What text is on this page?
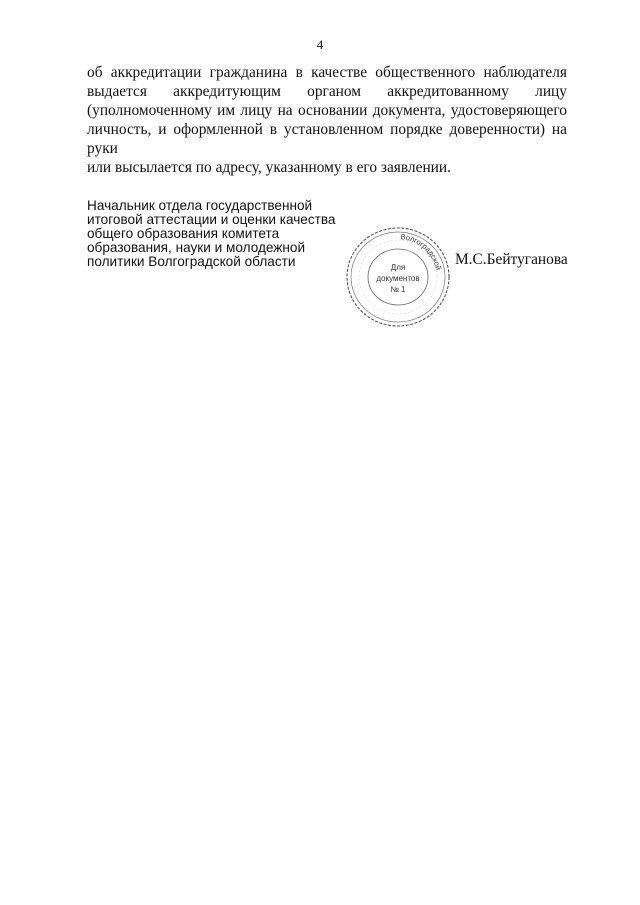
4
об аккредитации гражданина в качестве общественного наблюдателя
выдается аккредитующим органом аккредитованному лицу
(уполномоченному им лицу на основании документа, удостоверяющего
личность, и оформленной в установленном порядке доверенности) на руки
или высылается по адресу, указанному в его заявлении.
Начальник отдела государственной
итоговой аттестации и оценки качества
общего образования комитета
образования, науки и молодежной
политики Волгоградской области
Волгоградской
Для
документов
№ 1
М.С.Бейтуганова
